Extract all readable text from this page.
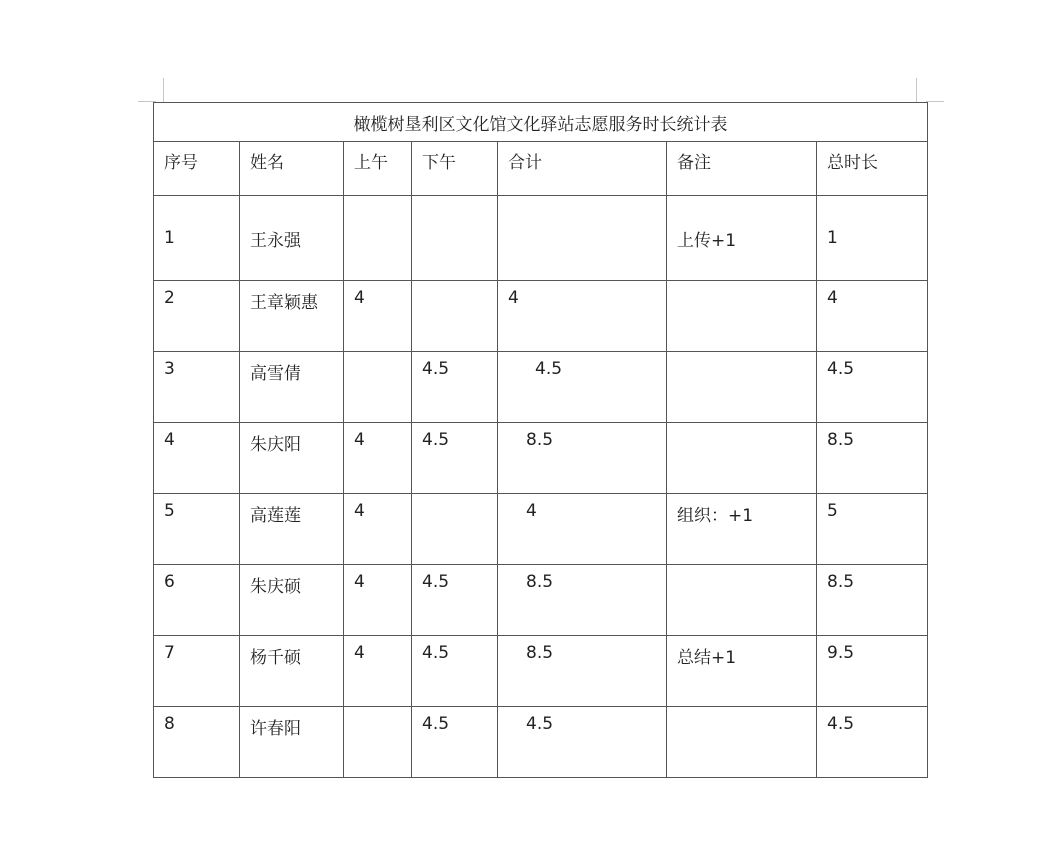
橄榄树垦利区文化馆文化驿站志愿服务时长统计表						

序号	姓名	上午	下午	合计	备注	总时长

1	王永强				上传+1	1

2	王章颖惠	4		4		4

3	高雪倩		4.5	4.5		4.5

4	朱庆阳	4	4.5	8.5		8.5

5	高莲莲	4		4	组织：+1	5

6	朱庆硕	4	4.5	8.5		8.5

7	杨千硕	4	4.5	8.5	总结+1	9.5

8	许春阳		4.5	4.5		4.5
